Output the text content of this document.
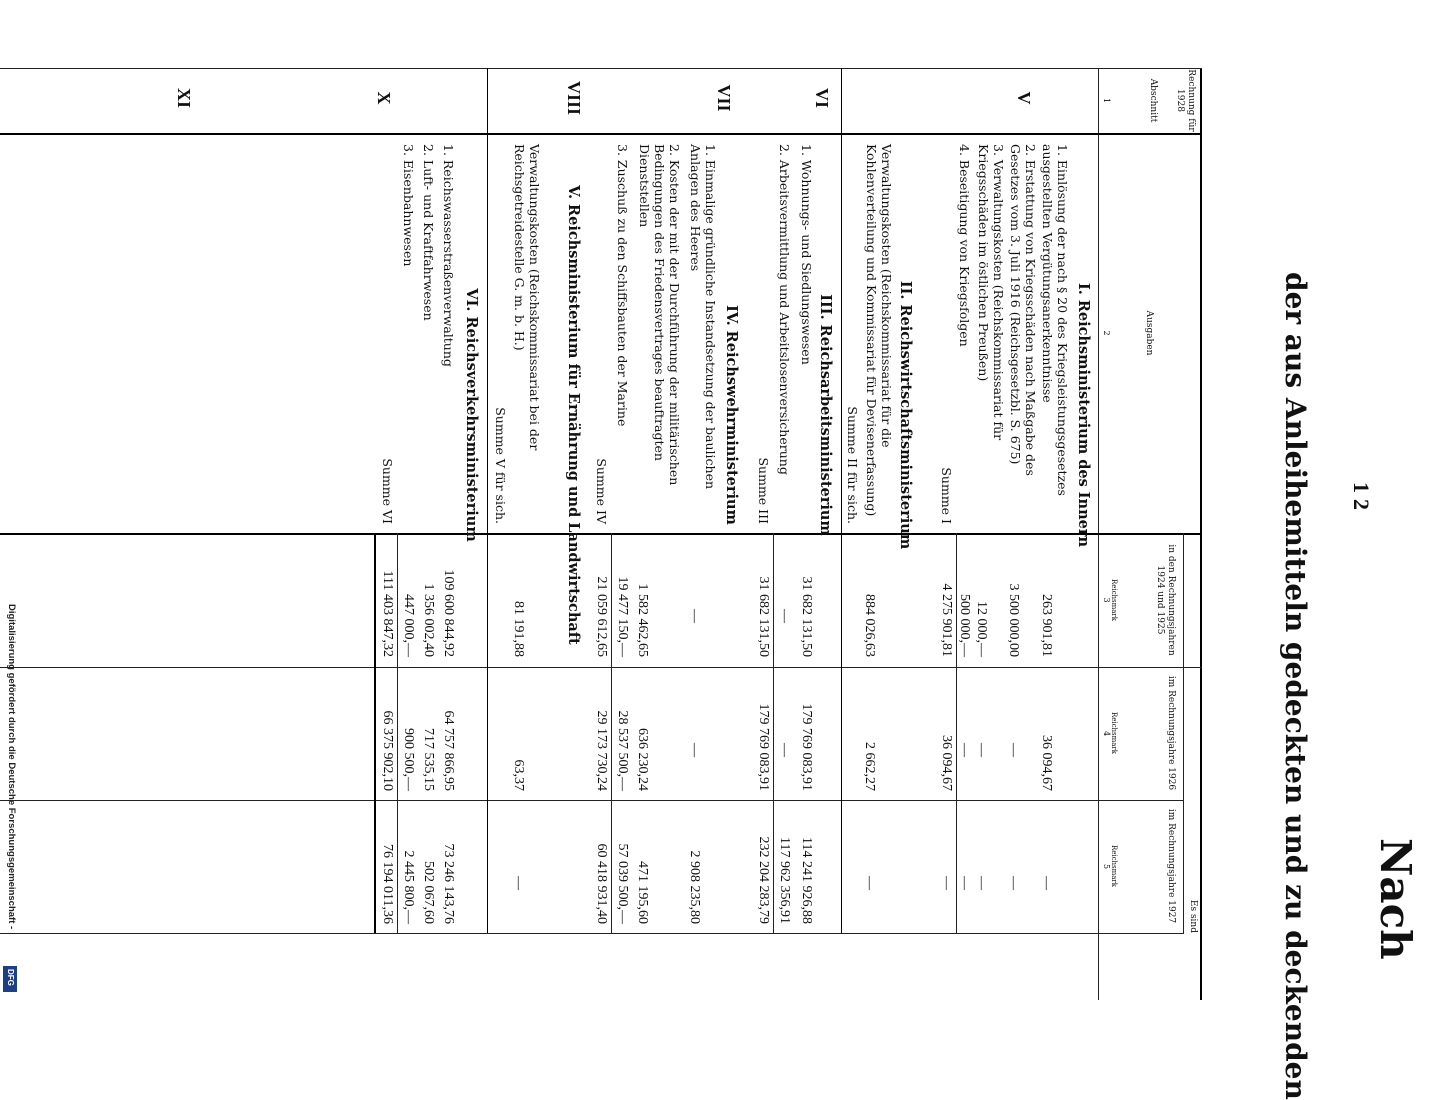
12
Nach
der aus Anleihemitteln gedeckten und zu deckenden
Rechnung für 1928
Abschnitt
Ausgaben
Es sind
in den Rechnungsjahren 1924 und 1925
im Rechnungsjahre 1926
im Rechnungsjahre 1927
Reichsmark
Reichsmark
Reichsmark
1
2
3
4
5
V
I. Reichsministerium des Innern
1. Einlösung der nach § 20 des Kriegsleistungsgesetzes ausgestellten Vergütungsanerkenntnisse
263 901,81
36 094,67
—
2. Erstattung von Kriegsschäden nach Maßgabe des Gesetzes vom 3. Juli 1916 (Reichsgesetzbl. S. 675)
3 500 000,00
—
—
3. Verwaltungskosten (Reichskommissariat für Kriegsschäden im östlichen Preußen)
12 000,—
—
—
4. Beseitigung von Kriegsfolgen
500 000,—
—
—
Summe I
4 275 901,81
36 094,67
—
VI
II. Reichswirtschaftsministerium
Verwaltungskosten (Reichskommissariat für die Kohlenverteilung und Kommissariat für Devisenerfassung)
884 026,63
2 662,27
—
Summe II für sich.
VII
III. Reichsarbeitsministerium
1. Wohnungs- und Siedlungswesen
31 682 131,50
179 769 083,91
114 241 926,88
2. Arbeitsvermittlung und Arbeitslosenversicherung
—
—
117 962 356,91
Summe III
31 682 131,50
179 769 083,91
232 204 283,79
VIII
IV. Reichswehrministerium
1. Einmalige gründliche Instandsetzung der baulichen Anlagen des Heeres
—
—
2 908 235,80
2. Kosten der mit der Durchführung der militärischen Bedingungen des Friedensvertrages beauftragten Dienststellen
1 582 462,65
636 230,24
471 195,60
3. Zuschuß zu den Schiffsbauten der Marine
19 477 150,—
28 537 500,—
57 039 500,—
Summe IV
21 059 612,65
29 173 730,24
60 418 931,40
X
V. Reichsministerium für Ernährung und Landwirtschaft
Verwaltungskosten (Reichskommissariat bei der Reichsgetreidestelle G. m. b. H.)
81 191,88
63,37
—
Summe V für sich.
XI
VI. Reichsverkehrsministerium
1. Reichswasserstraßenverwaltung
109 600 844,92
64 757 866,95
73 246 143,76
2. Luft- und Kraftfahrwesen
1 356 002,40
717 535,15
502 067,60
3. Eisenbahnwesen
447 000,—
900 500,—
2 445 800,—
Summe VI
111 403 847,32
66 375 902,10
76 194 011,36
Digitalisierung gefördert durch die Deutsche Forschungsgemeinschaft -
DFG
